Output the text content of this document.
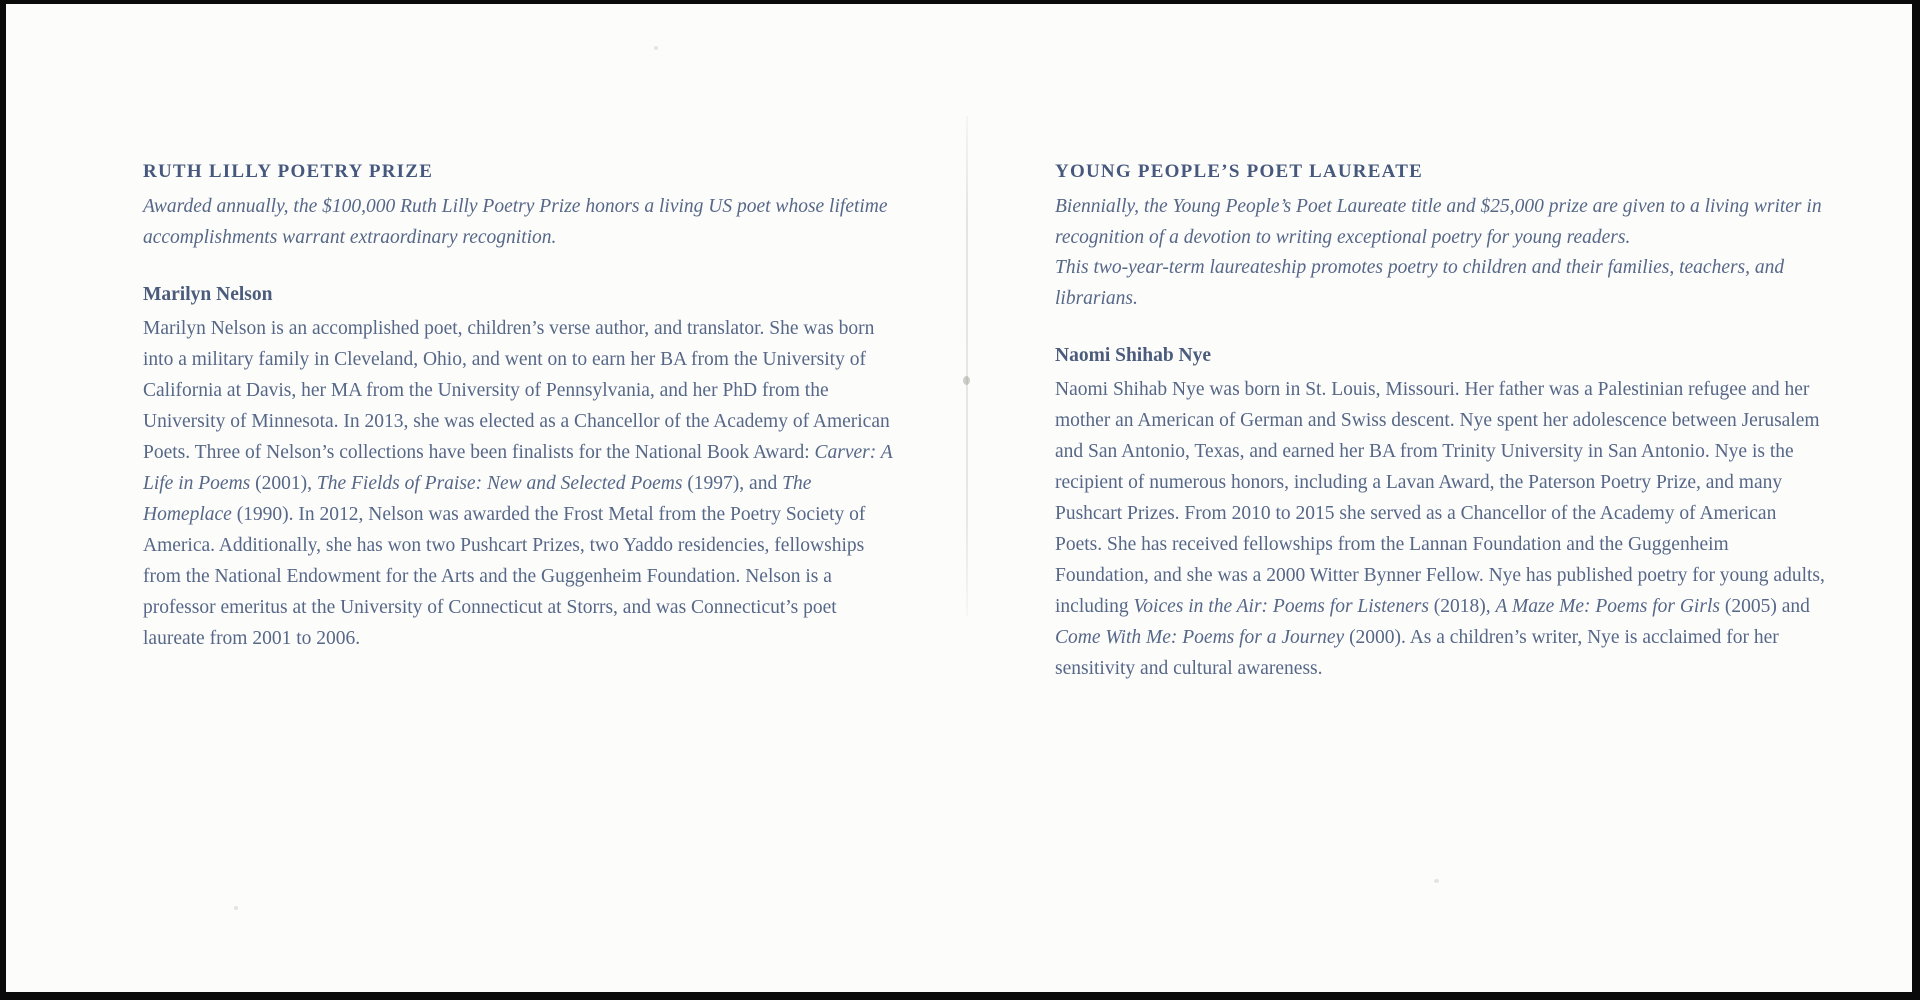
RUTH LILLY POETRY PRIZE

Awarded annually, the $100,000 Ruth Lilly Poetry Prize honors a living US poet whose lifetime accomplishments warrant extraordinary recognition.

Marilyn Nelson

Marilyn Nelson is an accomplished poet, children’s verse author, and translator. She was born into a military family in Cleveland, Ohio, and went on to earn her BA from the University of California at Davis, her MA from the University of Pennsylvania, and her PhD from the University of Minnesota. In 2013, she was elected as a Chancellor of the Academy of American Poets. Three of Nelson’s collections have been finalists for the National Book Award: Carver: A Life in Poems (2001), The Fields of Praise: New and Selected Poems (1997), and The Homeplace (1990). In 2012, Nelson was awarded the Frost Metal from the Poetry Society of America. Additionally, she has won two Pushcart Prizes, two Yaddo residencies, fellowships from the National Endowment for the Arts and the Guggenheim Foundation. Nelson is a professor emeritus at the University of Connecticut at Storrs, and was Connecticut’s poet laureate from 2001 to 2006.

YOUNG PEOPLE’S POET LAUREATE

Biennially, the Young People’s Poet Laureate title and $25,000 prize are given to a living writer in recognition of a devotion to writing exceptional poetry for young readers.
This two-year-term laureateship promotes poetry to children and their families, teachers, and librarians.

Naomi Shihab Nye

Naomi Shihab Nye was born in St. Louis, Missouri. Her father was a Palestinian refugee and her mother an American of German and Swiss descent. Nye spent her adolescence between Jerusalem and San Antonio, Texas, and earned her BA from Trinity University in San Antonio. Nye is the recipient of numerous honors, including a Lavan Award, the Paterson Poetry Prize, and many Pushcart Prizes. From 2010 to 2015 she served as a Chancellor of the Academy of American Poets. She has received fellowships from the Lannan Foundation and the Guggenheim Foundation, and she was a 2000 Witter Bynner Fellow. Nye has published poetry for young adults, including Voices in the Air: Poems for Listeners (2018), A Maze Me: Poems for Girls (2005) and Come With Me: Poems for a Journey (2000). As a children’s writer, Nye is acclaimed for her sensitivity and cultural awareness.
